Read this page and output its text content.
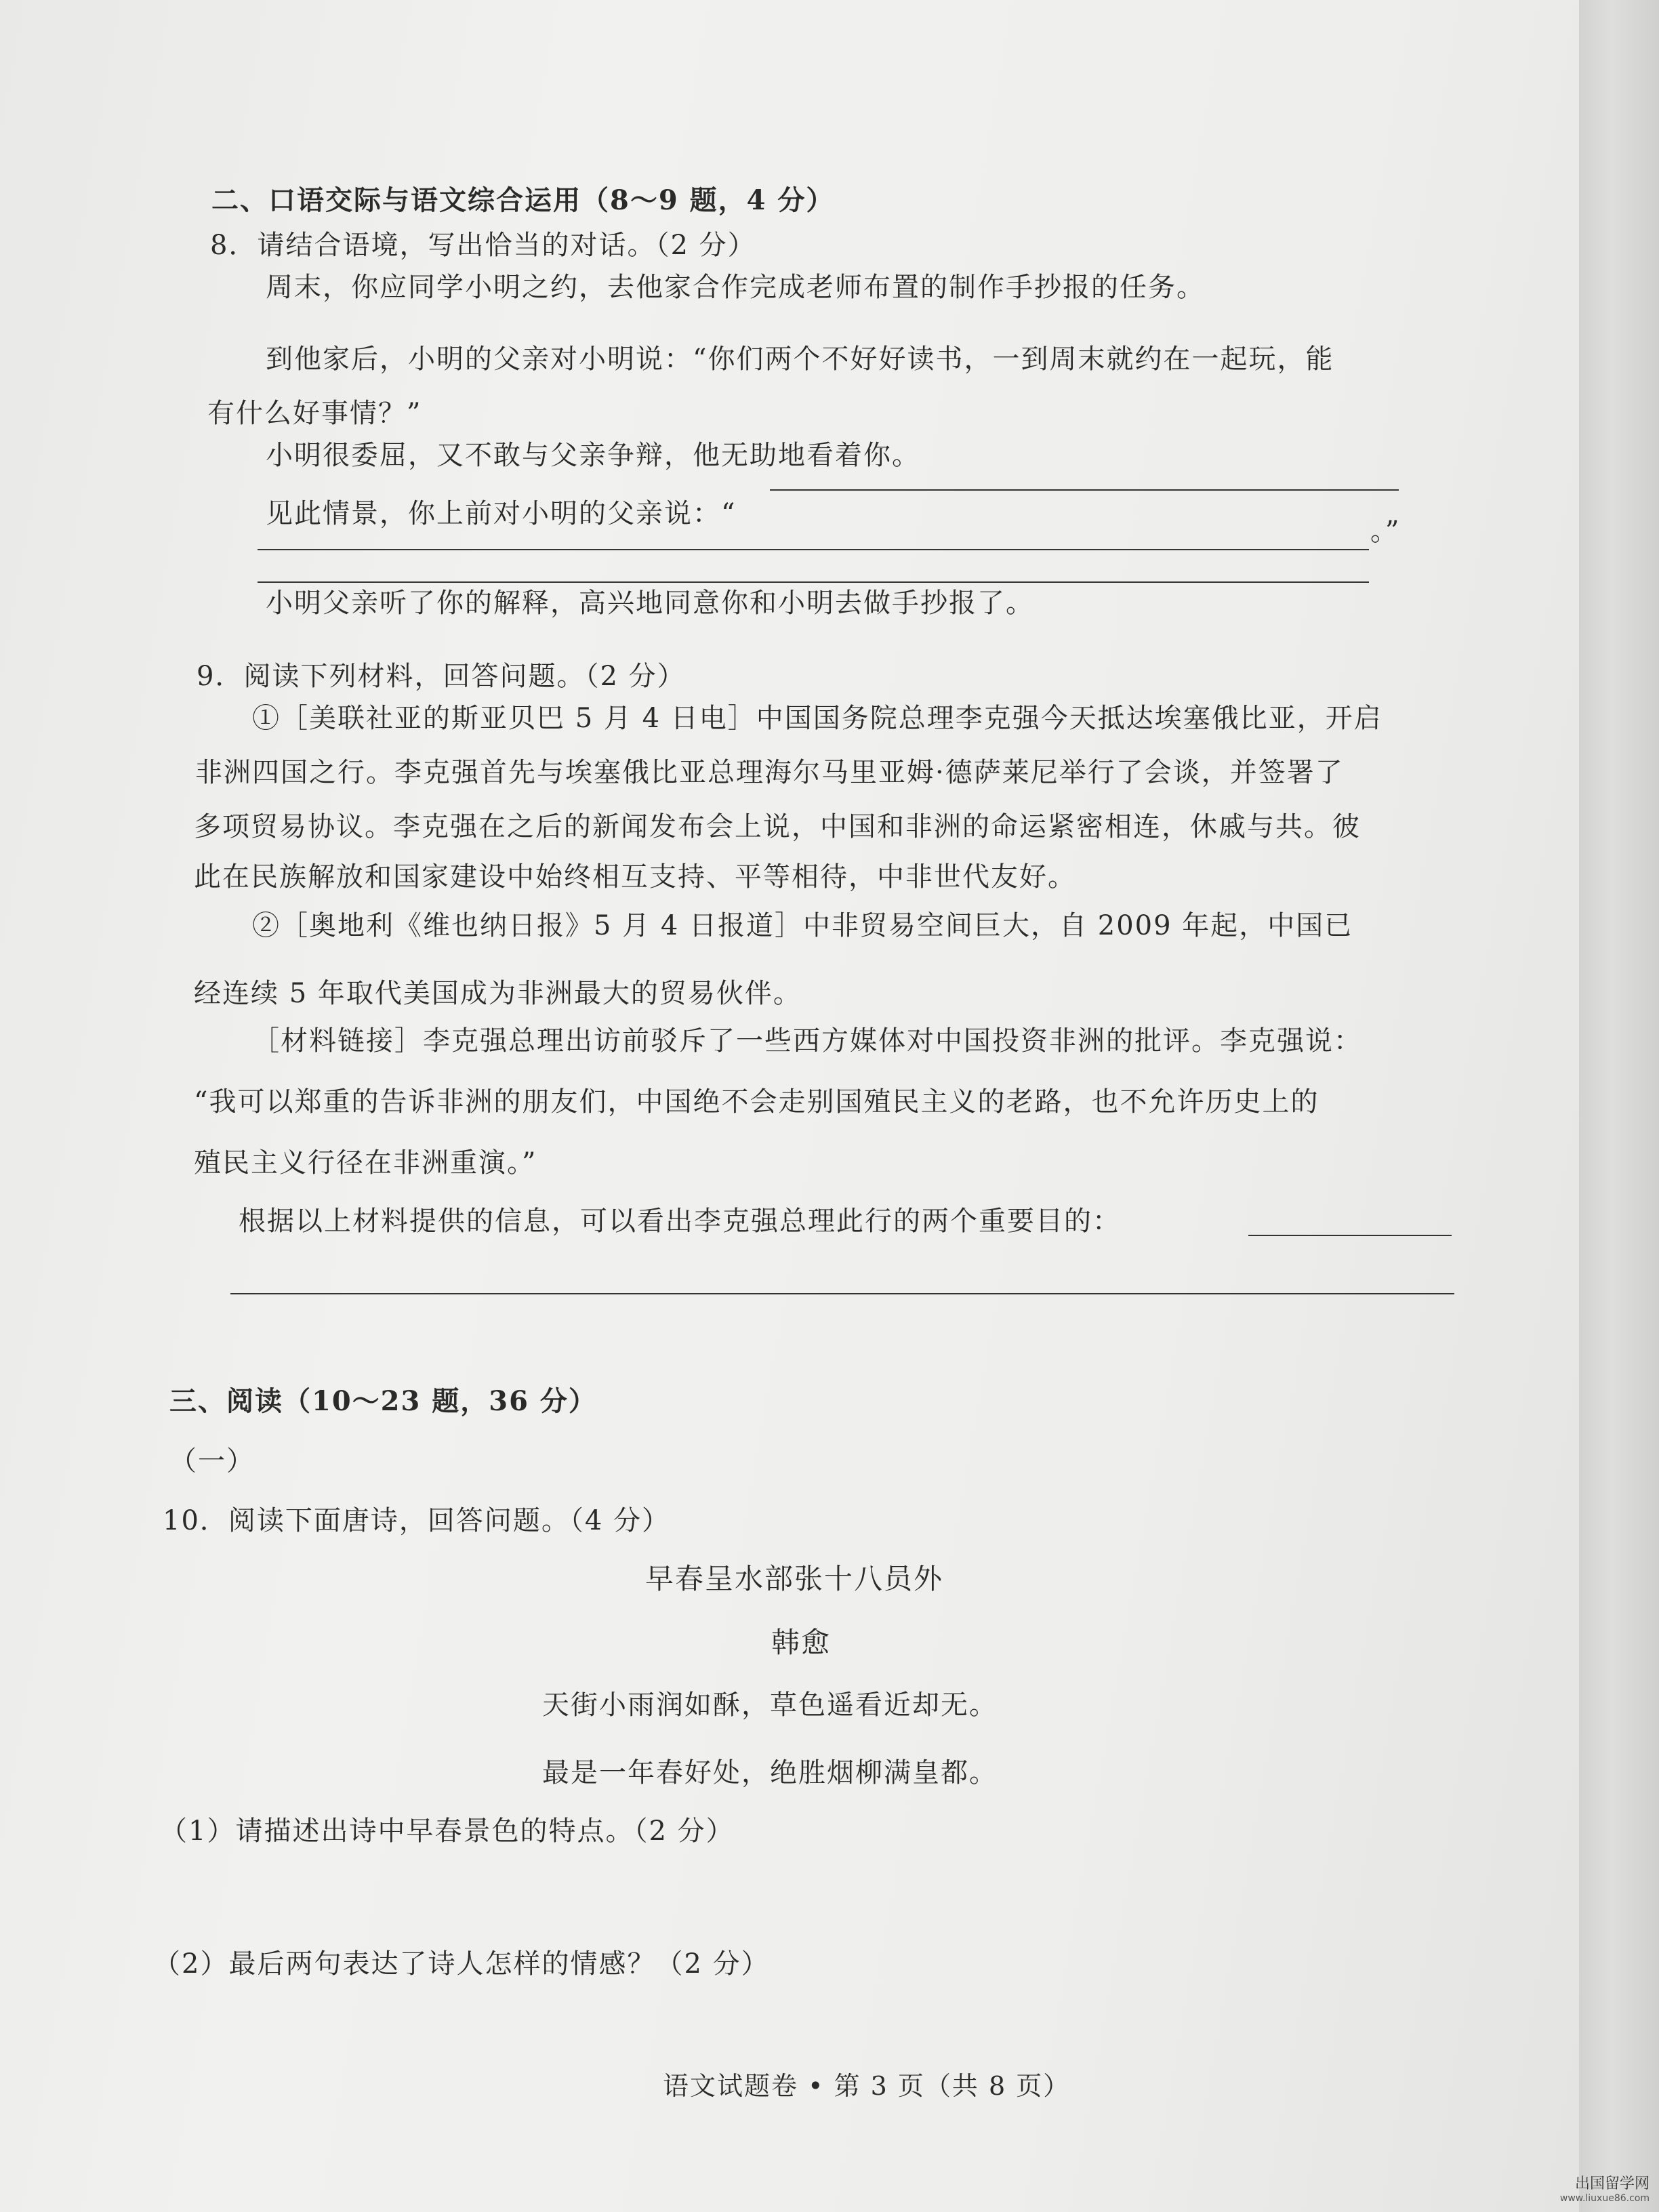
二、口语交际与语文综合运用（8～9 题，4 分）
8．请结合语境，写出恰当的对话。（2 分）
周末，你应同学小明之约，去他家合作完成老师布置的制作手抄报的任务。
到他家后，小明的父亲对小明说：“你们两个不好好读书，一到周末就约在一起玩，能
有什么好事情？”
小明很委屈，又不敢与父亲争辩，他无助地看着你。
见此情景，你上前对小明的父亲说：“
。”
小明父亲听了你的解释，高兴地同意你和小明去做手抄报了。
9．阅读下列材料，回答问题。（2 分）
①［美联社亚的斯亚贝巴 5 月 4 日电］中国国务院总理李克强今天抵达埃塞俄比亚，开启
非洲四国之行。李克强首先与埃塞俄比亚总理海尔马里亚姆·德萨莱尼举行了会谈，并签署了
多项贸易协议。李克强在之后的新闻发布会上说，中国和非洲的命运紧密相连，休戚与共。彼
此在民族解放和国家建设中始终相互支持、平等相待，中非世代友好。
②［奥地利《维也纳日报》5 月 4 日报道］中非贸易空间巨大，自 2009 年起，中国已
经连续 5 年取代美国成为非洲最大的贸易伙伴。
［材料链接］李克强总理出访前驳斥了一些西方媒体对中国投资非洲的批评。李克强说：
“我可以郑重的告诉非洲的朋友们，中国绝不会走别国殖民主义的老路，也不允许历史上的
殖民主义行径在非洲重演。”
根据以上材料提供的信息，可以看出李克强总理此行的两个重要目的：
三、阅读（10～23 题，36 分）
（一）
10．阅读下面唐诗，回答问题。（4 分）
早春呈水部张十八员外
韩愈
天街小雨润如酥，草色遥看近却无。
最是一年春好处，绝胜烟柳满皇都。
（1）请描述出诗中早春景色的特点。（2 分）
（2）最后两句表达了诗人怎样的情感？（2 分）
语文试题卷 • 第 3 页（共 8 页）
出国留学网
www.liuxue86.com
